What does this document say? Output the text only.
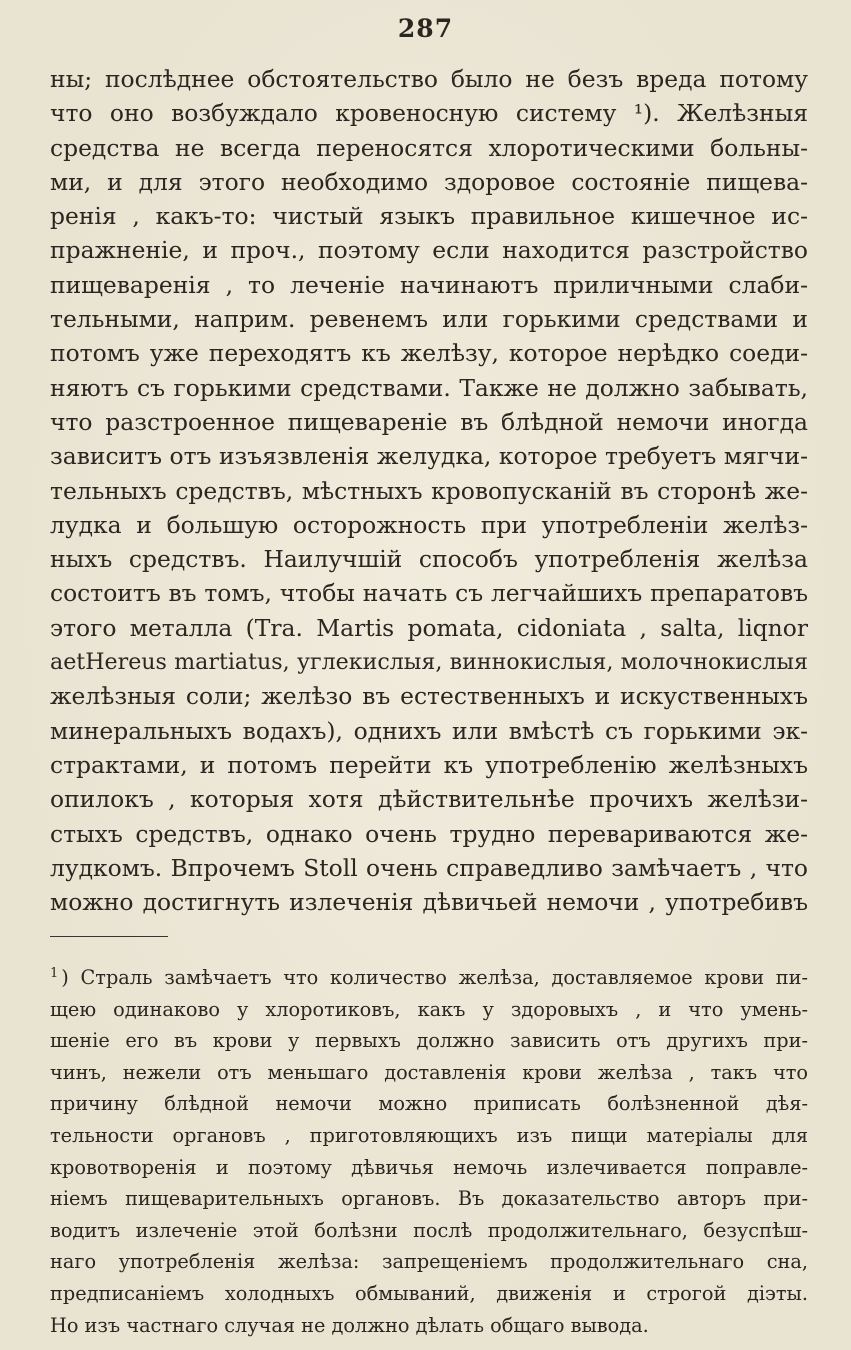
287
ны; послѣднее обстоятельство было не безъ вреда потому
что оно возбуждало кровеносную систему ¹). Желѣзныя
средства не всегда переносятся хлоротическими больны-
ми, и для этого необходимо здоровое состоянiе пищева-
ренiя , какъ-то: чистый языкъ правильное кишечное ис-
праж‍ненiе, и проч., поэтому если находится разстройство
пищеваренiя , то леченiе начинаютъ приличными слаби-
тельными, наприм. ревенемъ или горькими средствами и
потомъ уже переходятъ къ желѣзу, которое нерѣдко соеди-
няютъ съ горькими средствами. Также не должно забывать,
что разстроенное пищеваренiе въ блѣдной немочи иногда
зависитъ отъ изъязвленiя желудка, которое требуетъ мягчи-
тельныхъ средствъ, мѣстныхъ кровопусканiй въ сторонѣ же-
лудка и большую осторожность при употребленiи желѣз-
ныхъ средствъ. Наилучшiй способъ употребленiя желѣза
состоитъ въ томъ, чтобы начать съ легчайшихъ препаратовъ
этого металла (Tra. Martis pomata, cidoniata , salta, liqnor
aetHereus martiatus, углекислыя, виннокислыя, молочнокислыя
желѣзныя соли; желѣзо въ естественныхъ и искуственныхъ
минеральныхъ водахъ), однихъ или вмѣстѣ съ горькими эк-
страктами, и потомъ перейти къ употребленiю желѣзныхъ
опилокъ , которыя хотя дѣйствительнѣе прочихъ желѣзи-
стыхъ средствъ, однако очень трудно перевариваются же-
лудкомъ. Впрочемъ Stoll очень справедливо замѣчаетъ , что
можно достигнуть излеченiя дѣвичьей немочи , употребивъ
$^1$ ) Страль замѣчаетъ что количество желѣза, доставляемое крови пи-
щею одинаково у хлоротиковъ, какъ у здоровыхъ , и что умень-
шенiе его въ крови у первыхъ должно зависить отъ другихъ при-
чинъ, нежели отъ меньшаго доставленiя крови желѣза , такъ что
причину блѣдной немочи можно приписать болѣзненной дѣя-
тельности органовъ , приготовляющихъ изъ пищи матерiалы для
кровотворенiя и поэтому дѣвичья немочь излечивается поправле-
нiемъ пищеварительныхъ органовъ. Въ доказательство авторъ при-
водитъ излеченiе этой болѣзни послѣ продолжительнаго, безуспѣш-
наго употребленiя желѣза: запрещенiемъ продолжительнаго сна,
предписанiемъ холодныхъ обмываний, движенiя и строгой дiэты.
Но изъ частнаго случая не должно дѣлать общаго вывода.
